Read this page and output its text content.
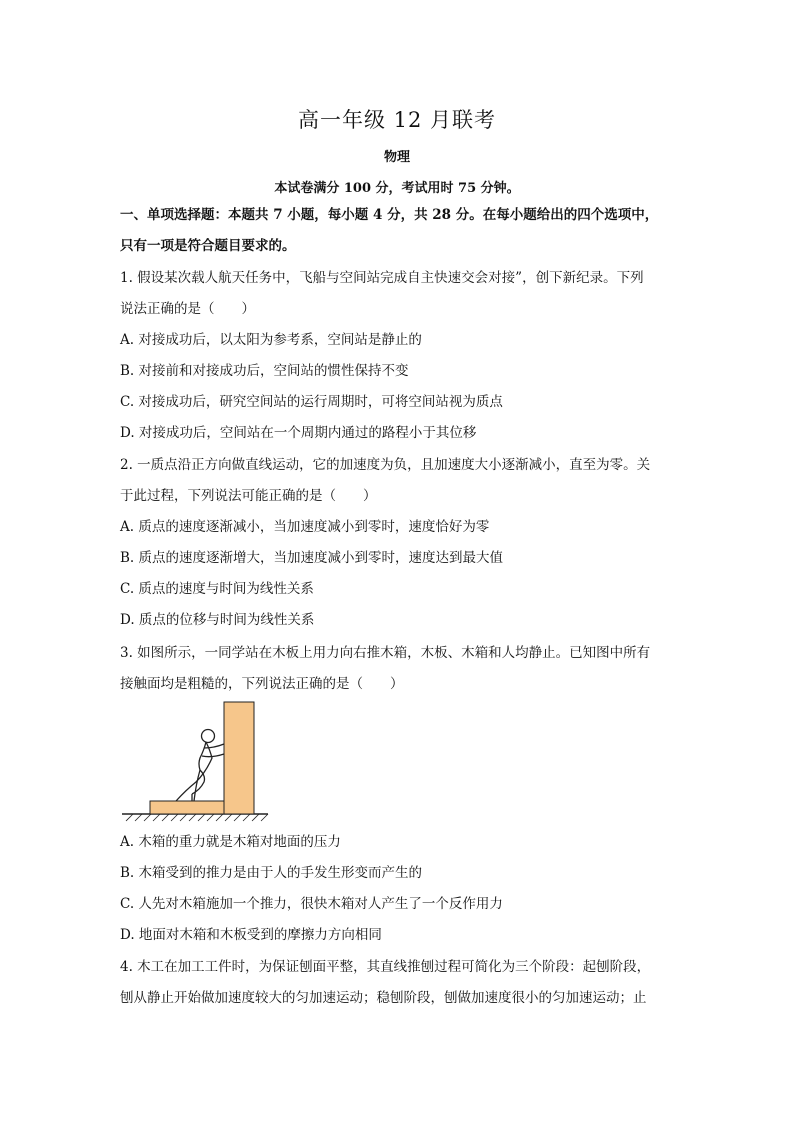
高一年级 12 月联考
物理
本试卷满分 100 分，考试用时 75 分钟。
一、单项选择题：本题共 7 小题，每小题 4 分，共 28 分。在每小题给出的四个选项中，
只有一项是符合题目要求的。
1. 假设某次载人航天任务中，飞船与空间站完成自主快速交会对接”，创下新纪录。下列
说法正确的是（　　）
A. 对接成功后，以太阳为参考系，空间站是静止的
B. 对接前和对接成功后，空间站的惯性保持不变
C. 对接成功后，研究空间站的运行周期时，可将空间站视为质点
D. 对接成功后，空间站在一个周期内通过的路程小于其位移
2. 一质点沿正方向做直线运动，它的加速度为负，且加速度大小逐渐减小，直至为零。关
于此过程，下列说法可能正确的是（　　）
A. 质点的速度逐渐减小，当加速度减小到零时，速度恰好为零
B. 质点的速度逐渐增大，当加速度减小到零时，速度达到最大值
C. 质点的速度与时间为线性关系
D. 质点的位移与时间为线性关系
3. 如图所示，一同学站在木板上用力向右推木箱，木板、木箱和人均静止。已知图中所有
接触面均是粗糙的，下列说法正确的是（　　）
A. 木箱的重力就是木箱对地面的压力
B. 木箱受到的推力是由于人的手发生形变而产生的
C. 人先对木箱施加一个推力，很快木箱对人产生了一个反作用力
D. 地面对木箱和木板受到的摩擦力方向相同
4. 木工在加工工件时，为保证刨面平整，其直线推刨过程可简化为三个阶段：起刨阶段，
刨从静止开始做加速度较大的匀加速运动；稳刨阶段，刨做加速度很小的匀加速运动；止
